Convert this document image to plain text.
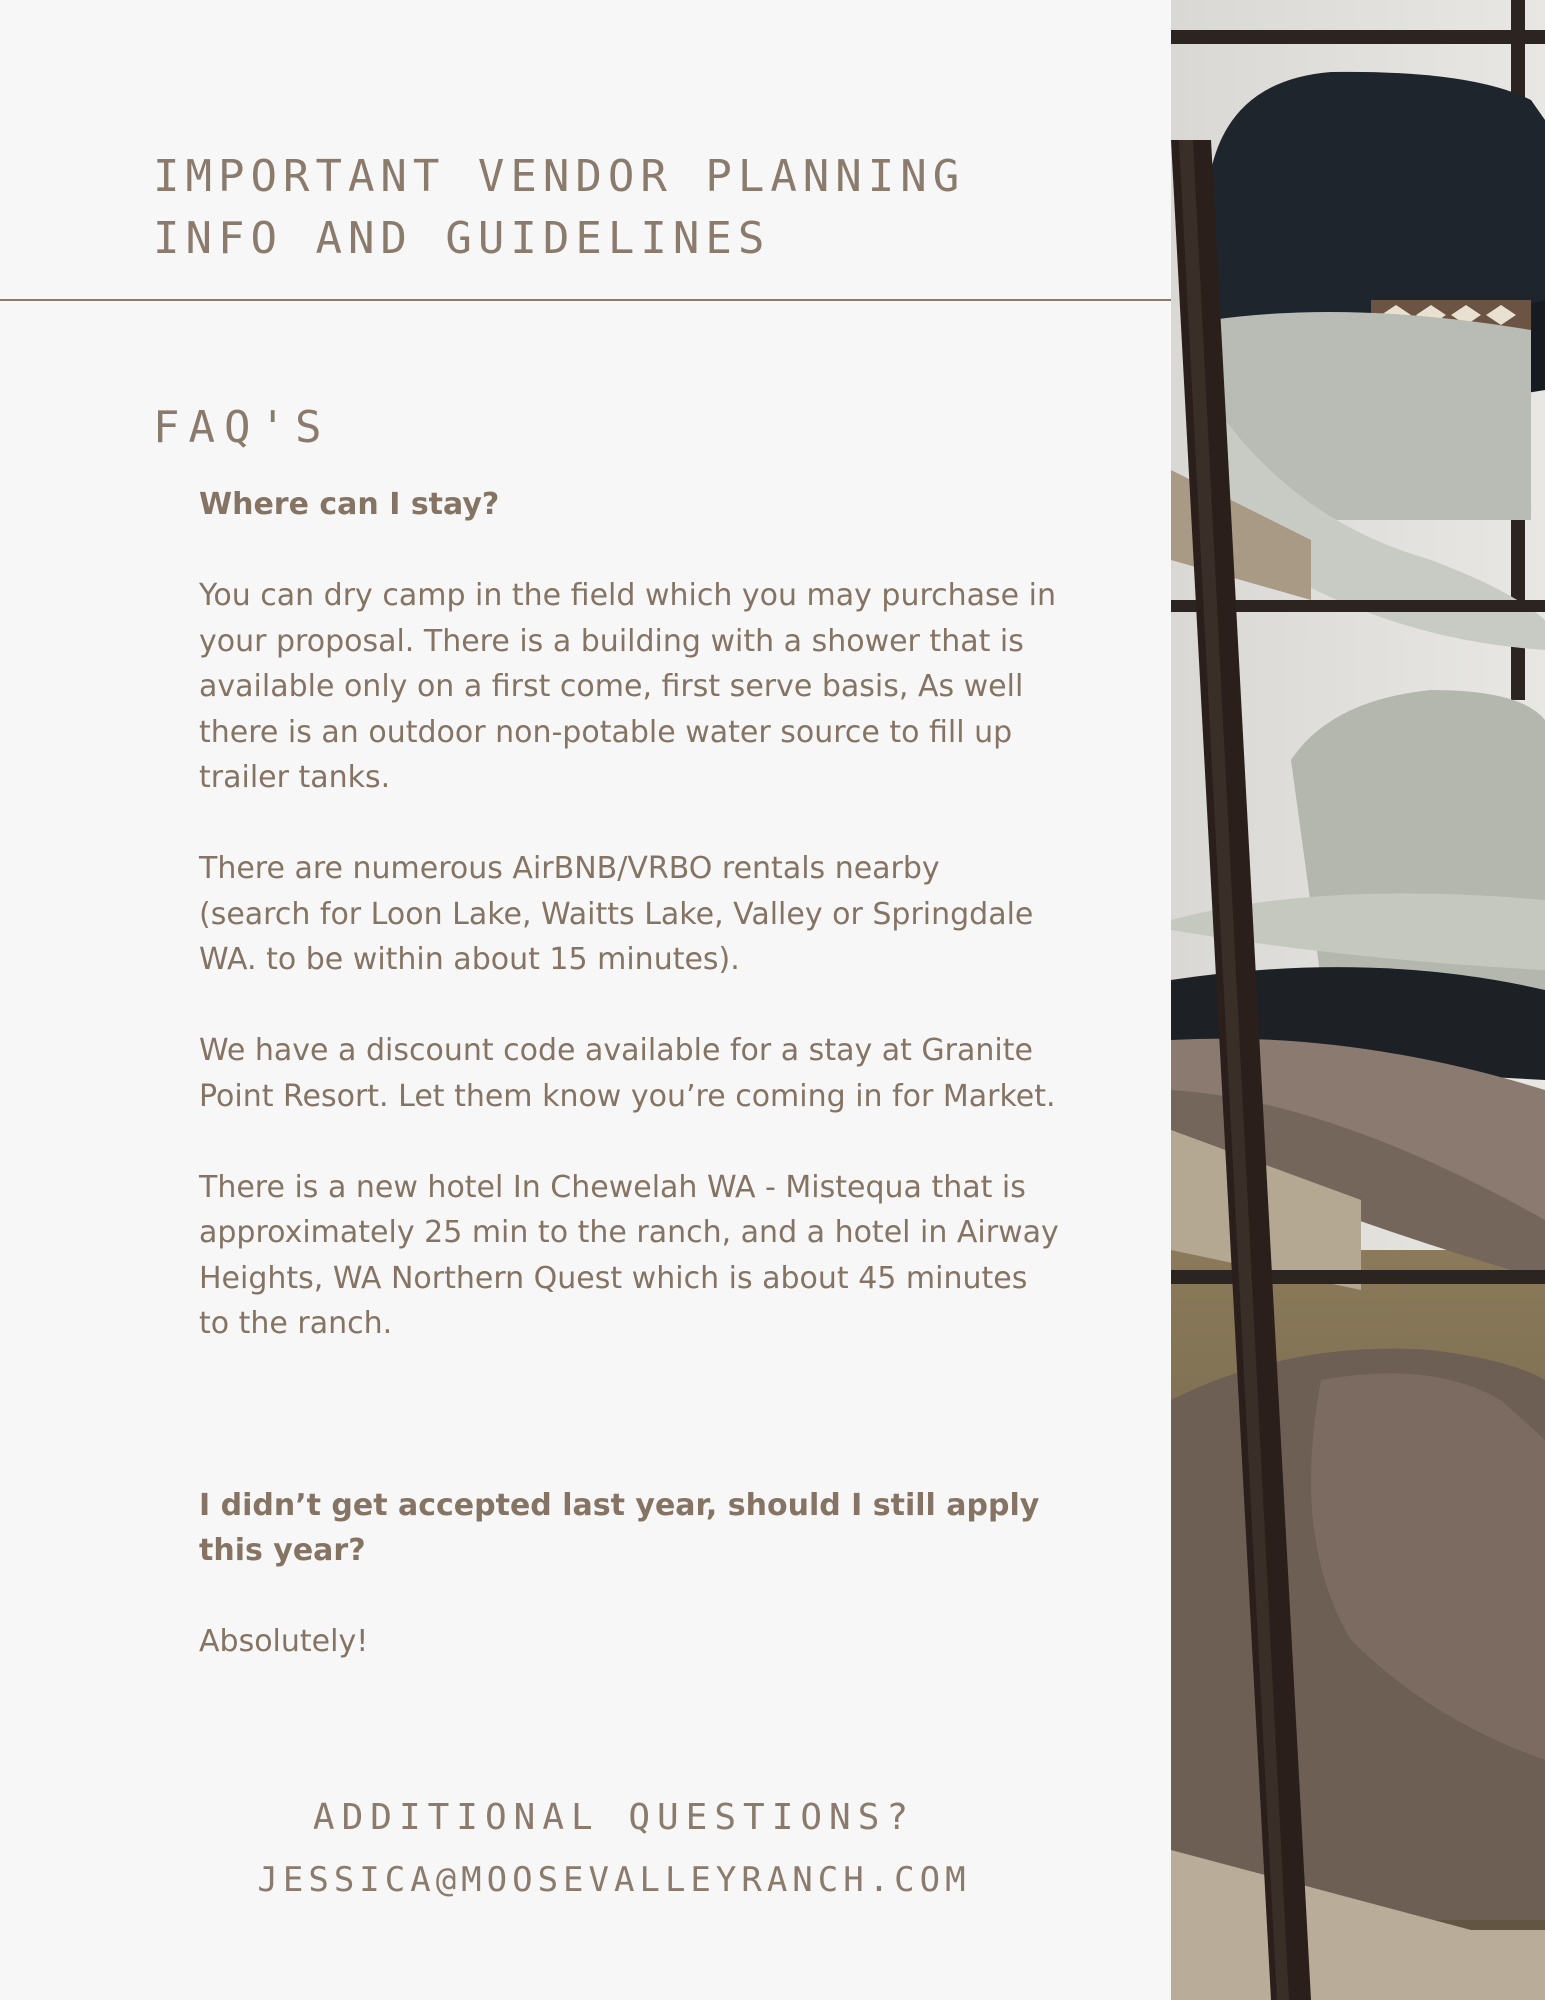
IMPORTANT VENDOR PLANNING
INFO AND GUIDELINES
FAQ'S

Where can I stay?

You can dry camp in the field which you may purchase in your proposal. There is a building with a shower that is available only on a first come, first serve basis, As well there is an outdoor non-potable water source to fill up trailer tanks.

There are numerous AirBNB/VRBO rentals nearby (search for Loon Lake, Waitts Lake, Valley or Springdale WA. to be within about 15 minutes).

We have a discount code available for a stay at Granite Point Resort. Let them know you’re coming in for Market.

There is a new hotel In Chewelah WA - Mistequa that is approximately 25 min to the ranch, and a hotel in Airway Heights, WA Northern Quest which is about 45 minutes to the ranch.

I didn’t get accepted last year, should I still apply this year?

Absolutely!

ADDITIONAL QUESTIONS?
JESSICA@MOOSEVALLEYRANCH.COM
